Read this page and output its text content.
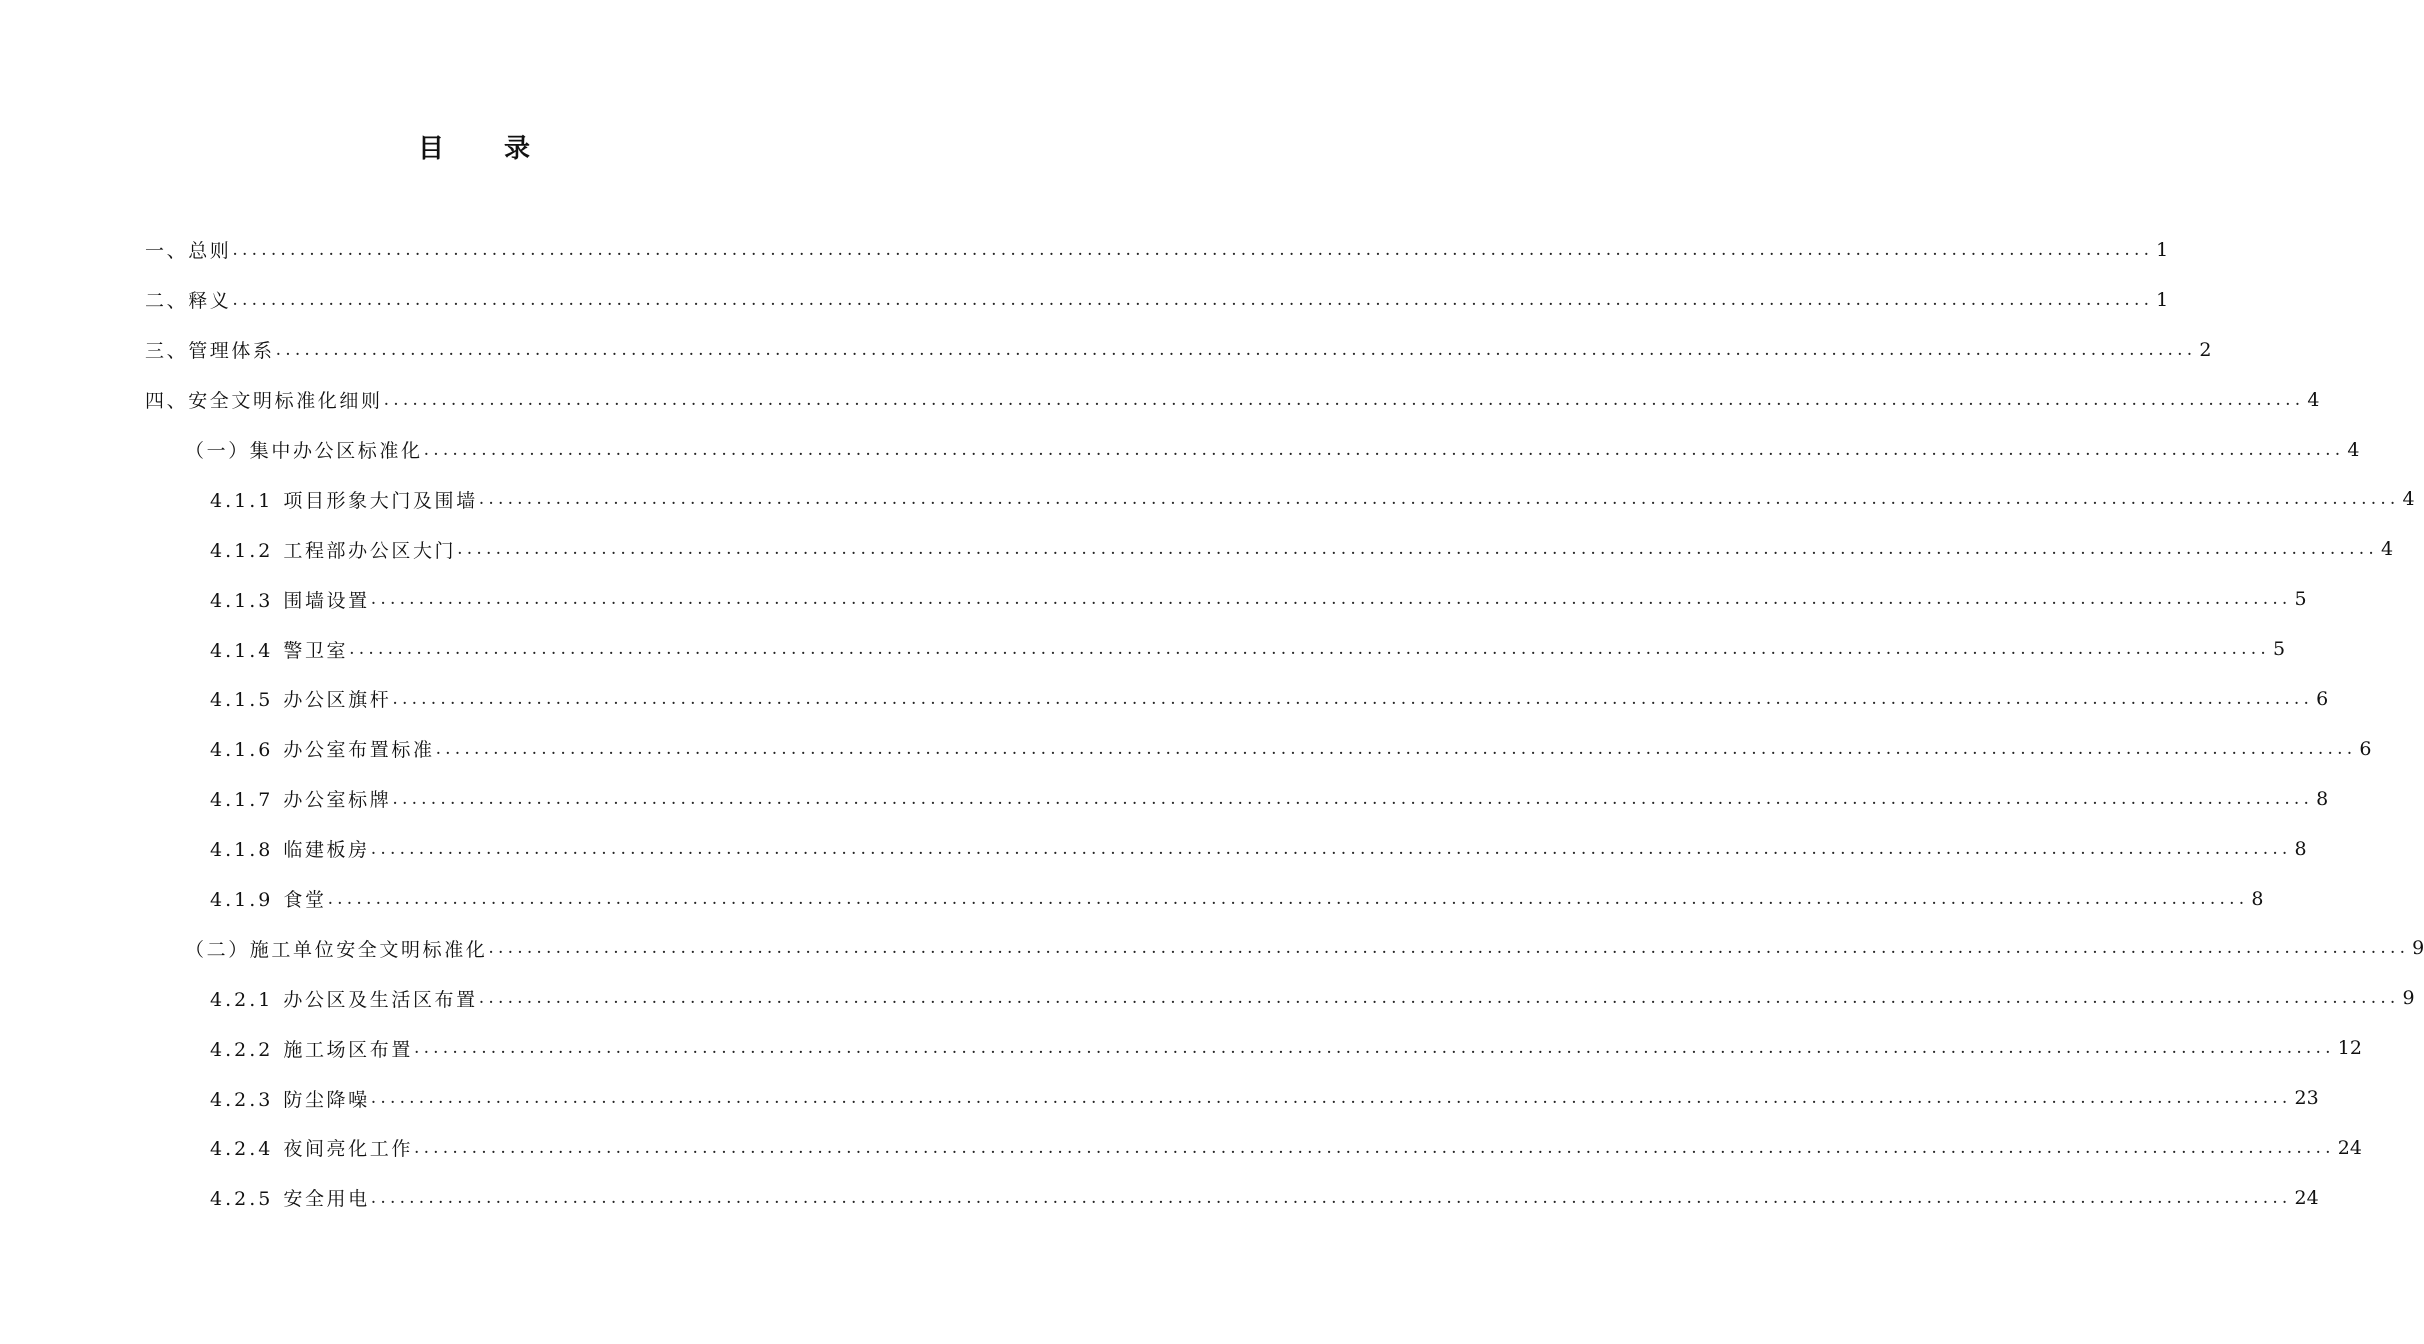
目 录
一、总则 ........................................................................................................................................................................................................ 1
二、释义 ........................................................................................................................................................................................................ 1
三、管理体系 ........................................................................................................................................................................................................ 2
四、安全文明标准化细则 ........................................................................................................................................................................................................ 4
（一）集中办公区标准化 ........................................................................................................................................................................................................ 4
4.1.1 项目形象大门及围墙 ........................................................................................................................................................................................................ 4
4.1.2 工程部办公区大门 ........................................................................................................................................................................................................ 4
4.1.3 围墙设置 ........................................................................................................................................................................................................ 5
4.1.4 警卫室 ........................................................................................................................................................................................................ 5
4.1.5 办公区旗杆 ........................................................................................................................................................................................................ 6
4.1.6 办公室布置标准 ........................................................................................................................................................................................................ 6
4.1.7 办公室标牌 ........................................................................................................................................................................................................ 8
4.1.8 临建板房 ........................................................................................................................................................................................................ 8
4.1.9 食堂 ........................................................................................................................................................................................................ 8
（二）施工单位安全文明标准化 ........................................................................................................................................................................................................ 9
4.2.1 办公区及生活区布置 ........................................................................................................................................................................................................ 9
4.2.2 施工场区布置 ........................................................................................................................................................................................................ 12
4.2.3 防尘降噪 ........................................................................................................................................................................................................ 23
4.2.4 夜间亮化工作 ........................................................................................................................................................................................................ 24
4.2.5 安全用电 ........................................................................................................................................................................................................ 24
